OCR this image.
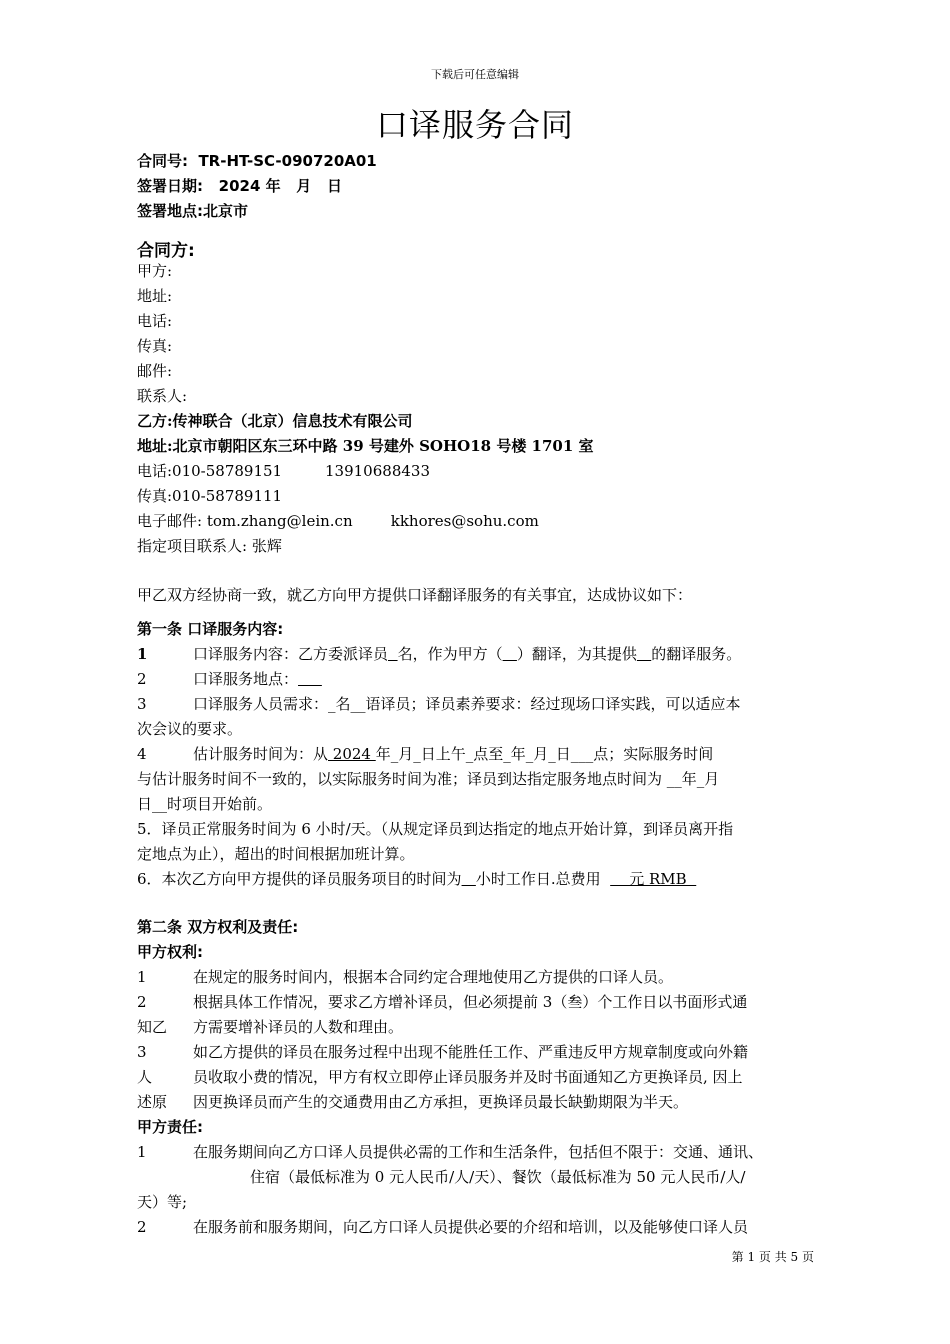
下载后可任意编辑
口译服务合同
合同号:  TR-HT-SC-090720A01
签署日期:   2024 年   月   日
签署地点:北京市
合同方:
甲方:
地址:
电话:
传真:
邮件:
联系人:
乙方:传神联合（北京）信息技术有限公司
地址:北京市朝阳区东三环中路 39 号建外 SOHO18 号楼 1701 室
电话:010-58789151         13910688433
传真:010-58789111
电子邮件: tom.zhang@lein.cn        kkhores@sohu.com
指定项目联系人: 张辉
甲乙双方经协商一致，就乙方向甲方提供口译翻译服务的有关事宜，达成协议如下：
第一条 口译服务内容:
1	口译服务内容：乙方委派译员 名，作为甲方（ ）翻译，为其提供 的翻译服务。
2	口译服务地点：
3	口译服务人员需求：_名__语译员；译员素养要求：经过现场口译实践，可以适应本
次会议的要求。
4	估计服务时间为：从 2024 年_月_日上午_点至_年_月_日___点；实际服务时间
与估计服务时间不一致的，以实际服务时间为准；译员到达指定服务地点时间为 __年_月
日__时项目开始前。
5．译员正常服务时间为 6 小时/天。（从规定译员到达指定的地点开始计算，到译员离开指
定地点为止），超出的时间根据加班计算。
6．本次乙方向甲方提供的译员服务项目的时间为 小时工作日.总费用      元 RMB
第二条 双方权利及责任:
甲方权利:
1	在规定的服务时间内，根据本合同约定合理地使用乙方提供的口译人员。
2	根据具体工作情况，要求乙方增补译员，但必须提前 3（叁）个工作日以书面形式通
知乙 方需要增补译员的人数和理由。
3	如乙方提供的译员在服务过程中出现不能胜任工作、严重违反甲方规章制度或向外籍
人	员收取小费的情况，甲方有权立即停止译员服务并及时书面通知乙方更换译员, 因上
述原 因更换译员而产生的交通费用由乙方承担，更换译员最长缺勤期限为半天。
甲方责任:
1	在服务期间向乙方口译人员提供必需的工作和生活条件，包括但不限于：交通、通讯、
住宿（最低标准为 0 元人民币/人/天）、餐饮（最低标准为 50 元人民币/人/
天）等;
2	在服务前和服务期间，向乙方口译人员提供必要的介绍和培训，以及能够使口译人员
第 1 页 共 5 页
